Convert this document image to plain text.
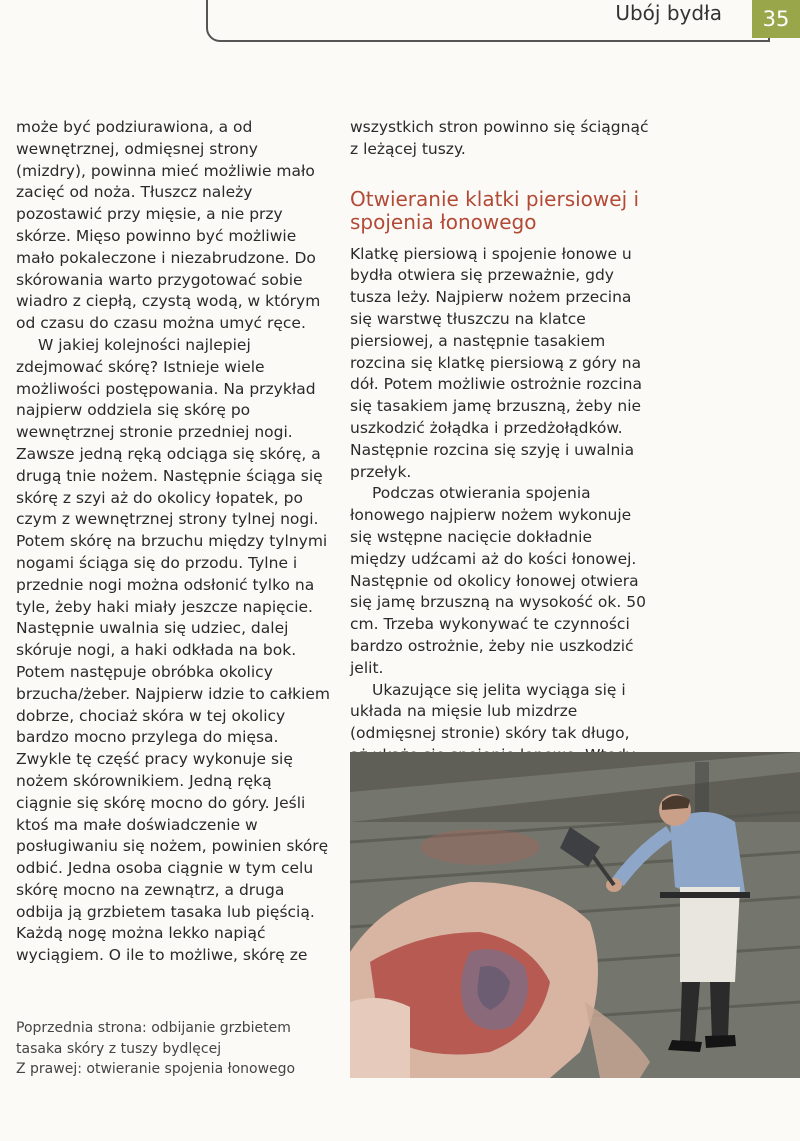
Ubój bydła	35

może być podziurawiona, a od wewnętrznej, odmięsnej strony (mizdry), powinna mieć możliwie mało zacięć od noża. Tłuszcz należy pozostawić przy mięsie, a nie przy skórze. Mięso powinno być możliwie mało pokaleczone i niezabrudzone. Do skórowania warto przygotować sobie wiadro z ciepłą, czystą wodą, w którym od czasu do czasu można umyć ręce.

W jakiej kolejności najlepiej zdejmować skórę? Istnieje wiele możliwości postępowania. Na przykład najpierw oddziela się skórę po wewnętrznej stronie przedniej nogi. Zawsze jedną ręką odciąga się skórę, a drugą tnie nożem. Następnie ściąga się skórę z szyi aż do okolicy łopatek, po czym z wewnętrznej strony tylnej nogi. Potem skórę na brzuchu między tylnymi nogami ściąga się do przodu. Tylne i przednie nogi można odsłonić tylko na tyle, żeby haki miały jeszcze napięcie. Następnie uwalnia się udziec, dalej skóruje nogi, a haki odkłada na bok. Potem następuje obróbka okolicy brzucha/żeber. Najpierw idzie to całkiem dobrze, chociaż skóra w tej okolicy bardzo mocno przylega do mięsa. Zwykle tę część pracy wykonuje się nożem skórownikiem. Jedną ręką ciągnie się skórę mocno do góry. Jeśli ktoś ma małe doświadczenie w posługiwaniu się nożem, powinien skórę odbić. Jedna osoba ciągnie w tym celu skórę mocno na zewnątrz, a druga odbija ją grzbietem tasaka lub pięścią. Każdą nogę można lekko napiąć wyciągiem. O ile to możliwe, skórę ze

wszystkich stron powinno się ściągnąć z leżącej tuszy.

Otwieranie klatki piersiowej i spojenia łonowego

Klatkę piersiową i spojenie łonowe u bydła otwiera się przeważnie, gdy tusza leży. Najpierw nożem przecina się warstwę tłuszczu na klatce piersiowej, a następnie tasakiem rozcina się klatkę piersiową z góry na dół. Potem możliwie ostrożnie rozcina się tasakiem jamę brzuszną, żeby nie uszkodzić żołądka i przedżołądków. Następnie rozcina się szyję i uwalnia przełyk.

Podczas otwierania spojenia łonowego najpierw nożem wykonuje się wstępne nacięcie dokładnie między udźcami aż do kości łonowej. Następnie od okolicy łonowej otwiera się jamę brzuszną na wysokość ok. 50 cm. Trzeba wykonywać te czynności bardzo ostrożnie, żeby nie uszkodzić jelit.

Ukazujące się jelita wyciąga się i układa na mięsie lub mizdrze (odmięsnej stronie) skóry tak długo,

Poprzednia strona: odbijanie grzbietem tasaka skóry z tuszy bydlęcej

Z prawej: otwieranie spojenia łonowego
